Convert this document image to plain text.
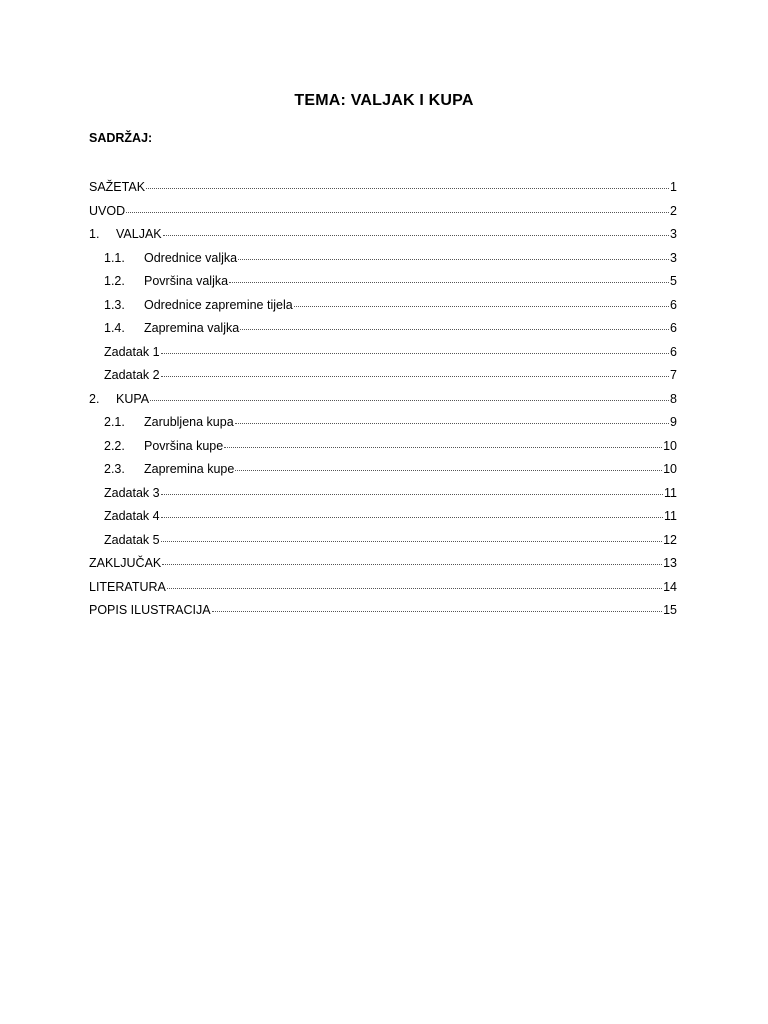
TEMA: VALJAK I KUPA
SADRŽAJ:
SAŽETAK	1
UVOD	2
1.	VALJAK	3
1.1.	Odrednice valjka	3
1.2.	Površina valjka	5
1.3.	Odrednice zapremine tijela	6
1.4.	Zapremina valjka	6
Zadatak 1	6
Zadatak 2	7
2.	KUPA	8
2.1.	Zarubljena kupa	9
2.2.	Površina kupe	10
2.3.	Zapremina kupe	10
Zadatak 3	11
Zadatak 4	11
Zadatak 5	12
ZAKLJUČAK	13
LITERATURA	14
POPIS ILUSTRACIJA	15
